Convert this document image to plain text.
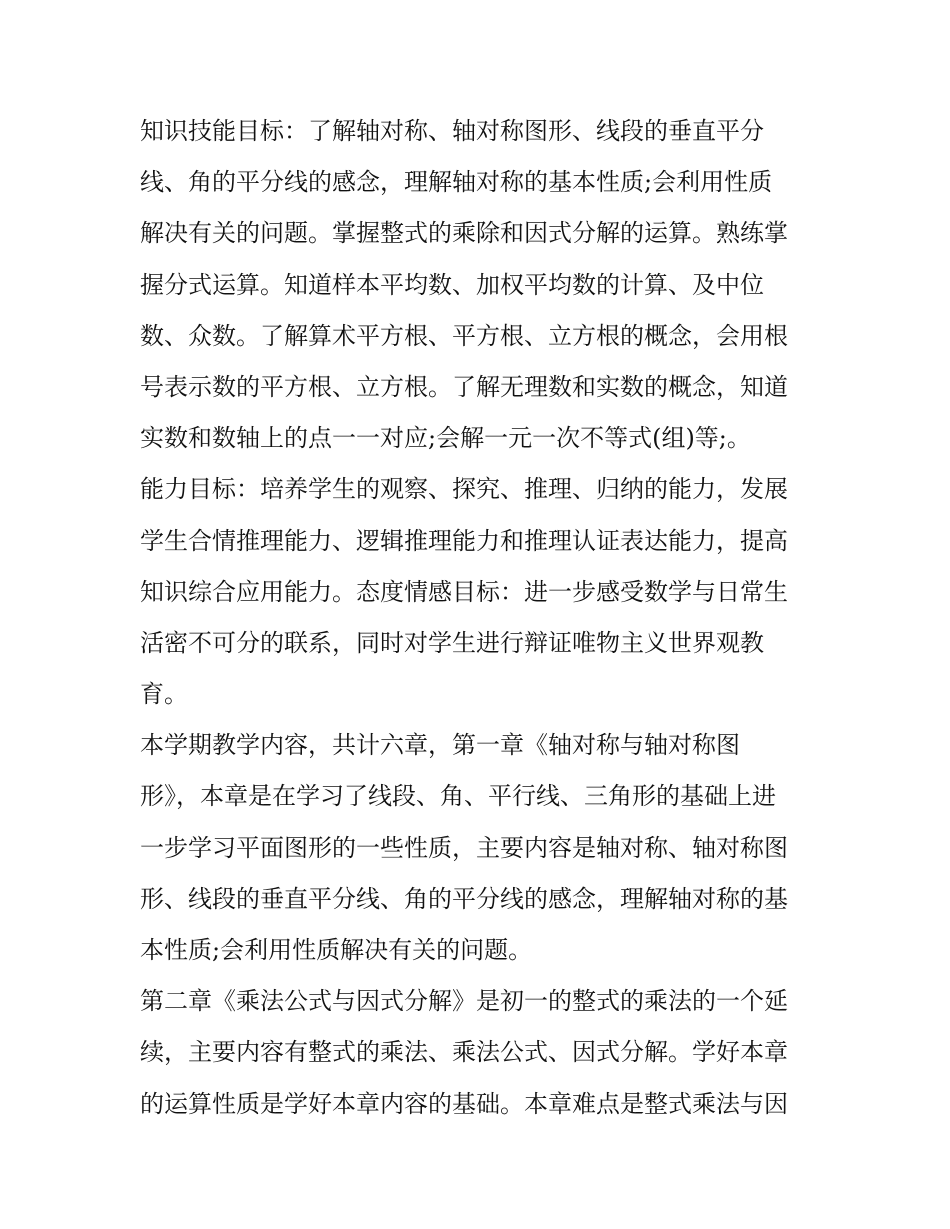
知识技能目标：了解轴对称、轴对称图形、线段的垂直平分
线、角的平分线的感念，理解轴对称的基本性质;会利用性质
解决有关的问题。掌握整式的乘除和因式分解的运算。熟练掌
握分式运算。知道样本平均数、加权平均数的计算、及中位
数、众数。了解算术平方根、平方根、立方根的概念，会用根
号表示数的平方根、立方根。了解无理数和实数的概念，知道
实数和数轴上的点一一对应;会解一元一次不等式(组)等;。
能力目标：培养学生的观察、探究、推理、归纳的能力，发展
学生合情推理能力、逻辑推理能力和推理认证表达能力，提高
知识综合应用能力。态度情感目标：进一步感受数学与日常生
活密不可分的联系，同时对学生进行辩证唯物主义世界观教
育。
本学期教学内容，共计六章，第一章《轴对称与轴对称图
形》，本章是在学习了线段、角、平行线、三角形的基础上进
一步学习平面图形的一些性质，主要内容是轴对称、轴对称图
形、线段的垂直平分线、角的平分线的感念，理解轴对称的基
本性质;会利用性质解决有关的问题。
第二章《乘法公式与因式分解》是初一的整式的乘法的一个延
续，主要内容有整式的乘法、乘法公式、因式分解。学好本章
的运算性质是学好本章内容的基础。本章难点是整式乘法与因
